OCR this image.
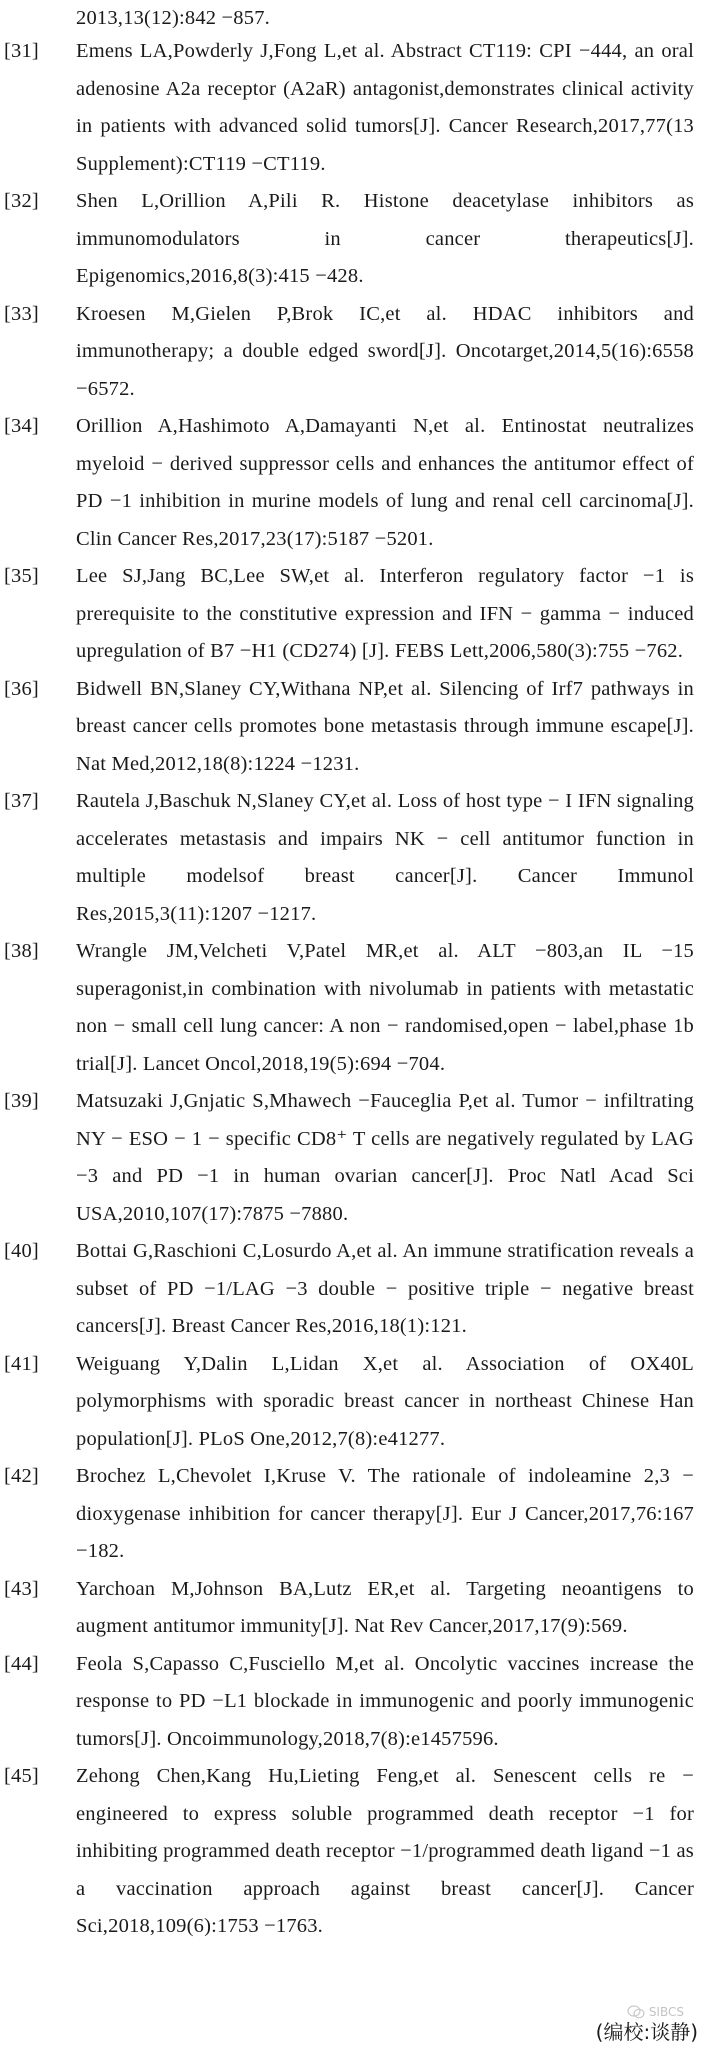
2013,13(12):842 −857.
[31]	Emens LA,Powderly J,Fong L,et al. Abstract CT119: CPI −444, an oral adenosine A2a receptor (A2aR) antagonist,demonstrates clinical activity in patients with advanced solid tumors[J]. Cancer Research,2017,77(13 Supplement):CT119 −CT119.
[32]	Shen L,Orillion A,Pili R. Histone deacetylase inhibitors as immunomodulators in cancer therapeutics[J]. Epigenomics,2016,8(3):415 −428.
[33]	Kroesen M,Gielen P,Brok IC,et al. HDAC inhibitors and immunotherapy; a double edged sword[J]. Oncotarget,2014,5(16):6558 −6572.
[34]	Orillion A,Hashimoto A,Damayanti N,et al. Entinostat neutralizes myeloid − derived suppressor cells and enhances the antitumor effect of PD −1 inhibition in murine models of lung and renal cell carcinoma[J]. Clin Cancer Res,2017,23(17):5187 −5201.
[35]	Lee SJ,Jang BC,Lee SW,et al. Interferon regulatory factor −1 is prerequisite to the constitutive expression and IFN − gamma − induced upregulation of B7 −H1 (CD274) [J]. FEBS Lett,2006,580(3):755 −762.
[36]	Bidwell BN,Slaney CY,Withana NP,et al. Silencing of Irf7 pathways in breast cancer cells promotes bone metastasis through immune escape[J]. Nat Med,2012,18(8):1224 −1231.
[37]	Rautela J,Baschuk N,Slaney CY,et al. Loss of host type − I IFN signaling accelerates metastasis and impairs NK − cell antitumor function in multiple modelsof breast cancer[J]. Cancer Immunol Res,2015,3(11):1207 −1217.
[38]	Wrangle JM,Velcheti V,Patel MR,et al. ALT −803,an IL −15 superagonist,in combination with nivolumab in patients with metastatic non − small cell lung cancer: A non − randomised,open − label,phase 1b trial[J]. Lancet Oncol,2018,19(5):694 −704.
[39]	Matsuzaki J,Gnjatic S,Mhawech −Fauceglia P,et al. Tumor − infiltrating NY − ESO − 1 − specific CD8⁺ T cells are negatively regulated by LAG −3 and PD −1 in human ovarian cancer[J]. Proc Natl Acad Sci USA,2010,107(17):7875 −7880.
[40]	Bottai G,Raschioni C,Losurdo A,et al. An immune stratification reveals a subset of PD −1/LAG −3 double − positive triple − negative breast cancers[J]. Breast Cancer Res,2016,18(1):121.
[41]	Weiguang Y,Dalin L,Lidan X,et al. Association of OX40L polymorphisms with sporadic breast cancer in northeast Chinese Han population[J]. PLoS One,2012,7(8):e41277.
[42]	Brochez L,Chevolet I,Kruse V. The rationale of indoleamine 2,3 − dioxygenase inhibition for cancer therapy[J]. Eur J Cancer,2017,76:167 −182.
[43]	Yarchoan M,Johnson BA,Lutz ER,et al. Targeting neoantigens to augment antitumor immunity[J]. Nat Rev Cancer,2017,17(9):569.
[44]	Feola S,Capasso C,Fusciello M,et al. Oncolytic vaccines increase the response to PD −L1 blockade in immunogenic and poorly immunogenic tumors[J]. Oncoimmunology,2018,7(8):e1457596.
[45]	Zehong Chen,Kang Hu,Lieting Feng,et al. Senescent cells re − engineered to express soluble programmed death receptor −1 for inhibiting programmed death receptor −1/programmed death ligand −1 as a vaccination approach against breast cancer[J]. Cancer Sci,2018,109(6):1753 −1763.
SIBCS
(编校:谈静)
